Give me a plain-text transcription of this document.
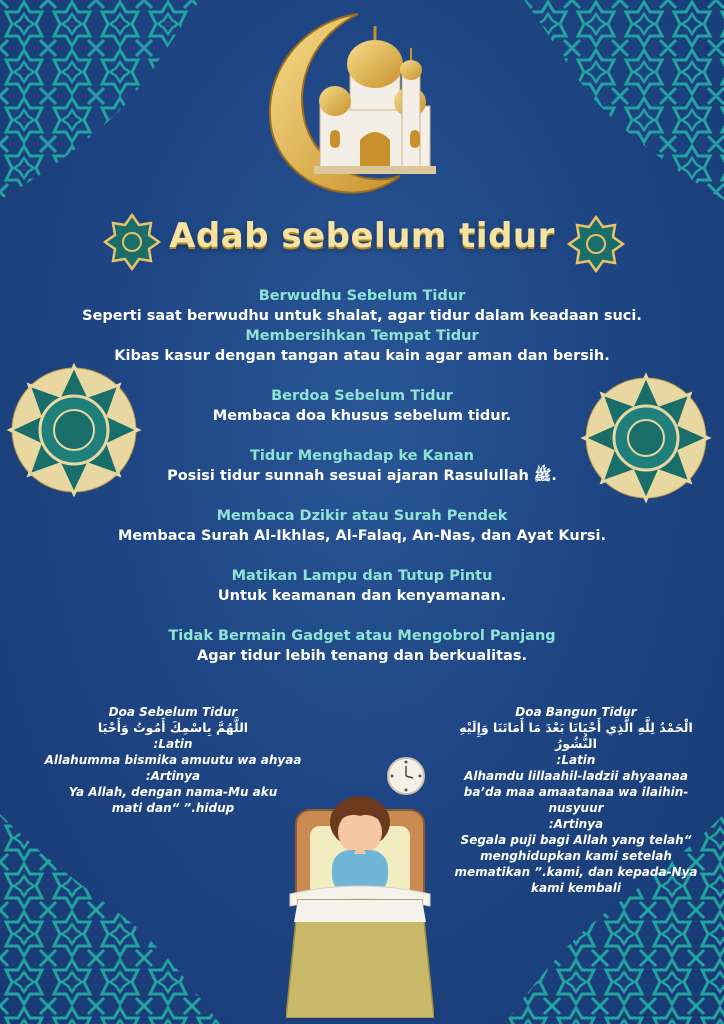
Adab sebelum tidur
Berwudhu Sebelum Tidur
Seperti saat berwudhu untuk shalat, agar tidur dalam keadaan suci.
Membersihkan Tempat Tidur
Kibas kasur dengan tangan atau kain agar aman dan bersih.
Berdoa Sebelum Tidur
Membaca doa khusus sebelum tidur.
Tidur Menghadap ke Kanan
Posisi tidur sunnah sesuai ajaran Rasulullah ﷺ.
Membaca Dzikir atau Surah Pendek
Membaca Surah Al-Ikhlas, Al-Falaq, An-Nas, dan Ayat Kursi.
Matikan Lampu dan Tutup Pintu
Untuk keamanan dan kenyamanan.
Tidak Bermain Gadget atau Mengobrol Panjang
Agar tidur lebih tenang dan berkualitas.
Doa Sebelum Tidur
اللَّهُمَّ بِاسْمِكَ أَمُوتُ وَأَحْيَا
:Latin
Allahumma bismika amuutu wa ahyaa
:Artinya
Ya Allah, dengan nama-Mu aku mati dan“ ”.hidup
Doa Bangun Tidur
الْحَمْدُ لِلَّهِ الَّذِي أَحْيَانَا بَعْدَ مَا أَمَاتَنَا وَإِلَيْهِ النُّشُورُ
:Latin
Alhamdu lillaahil-ladzii ahyaanaa ba’da maa amaatanaa wa ilaihin-nusyuur
:Artinya
Segala puji bagi Allah yang telah“ menghidupkan kami setelah mematikan ”.kami, dan kepada-Nya kami kembali
